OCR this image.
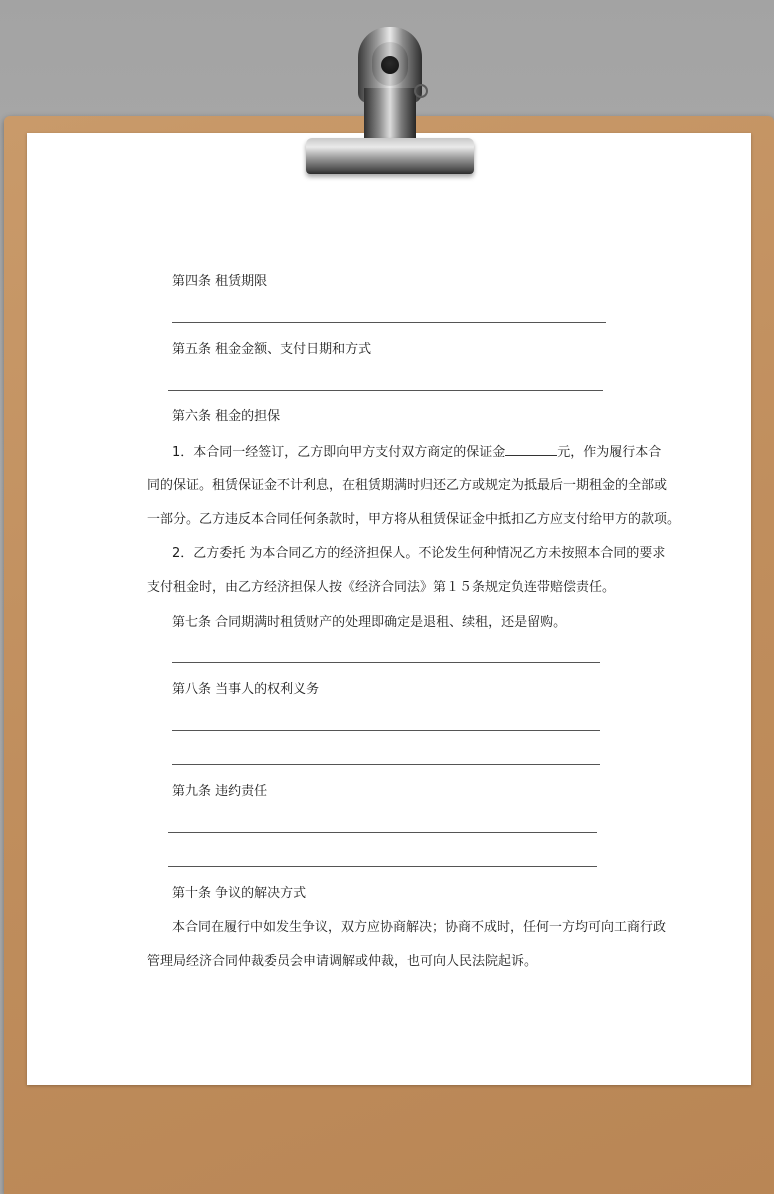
第四条 租赁期限
第五条 租金金额、支付日期和方式
第六条 租金的担保
1．本合同一经签订，乙方即向甲方支付双方商定的保证金	元，作为履行本合
同的保证。租赁保证金不计利息，在租赁期满时归还乙方或规定为抵最后一期租金的全部或
一部分。乙方违反本合同任何条款时，甲方将从租赁保证金中抵扣乙方应支付给甲方的款项。
2．乙方委托 为本合同乙方的经济担保人。不论发生何种情况乙方未按照本合同的要求
支付租金时，由乙方经济担保人按《经济合同法》第１５条规定负连带赔偿责任。
第七条 合同期满时租赁财产的处理即确定是退租、续租，还是留购。
第八条 当事人的权利义务
第九条 违约责任
第十条 争议的解决方式
本合同在履行中如发生争议，双方应协商解决；协商不成时，任何一方均可向工商行政
管理局经济合同仲裁委员会申请调解或仲裁，也可向人民法院起诉。
